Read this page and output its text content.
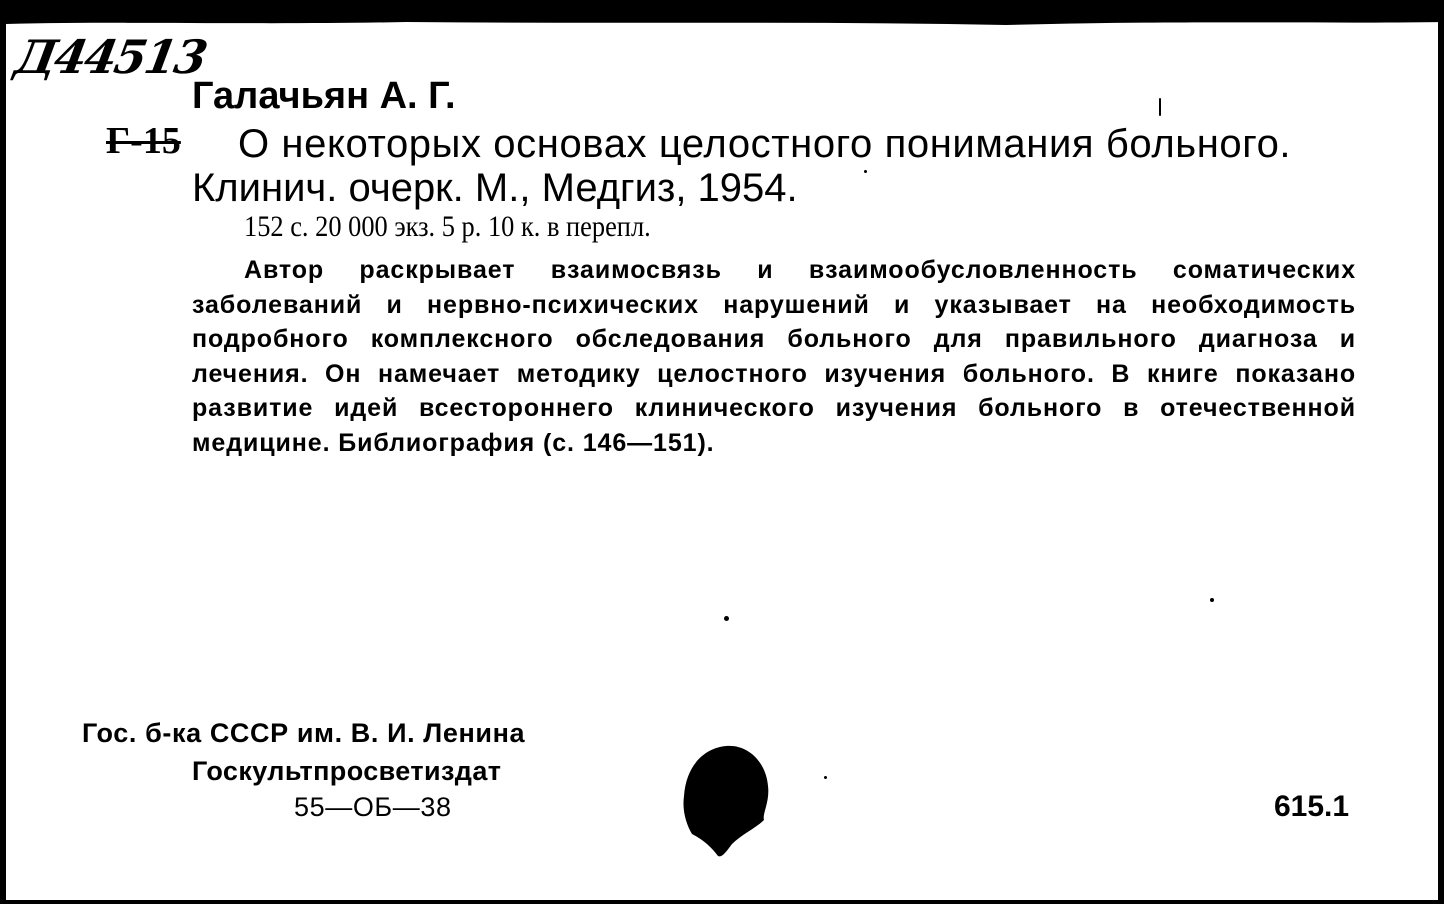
Д44513
Галачьян А. Г.
Г-15 О некоторых основах целостного понимания больного.
Клинич. очерк. М., Медгиз, 1954.
152 с. 20 000 экз. 5 р. 10 к. в перепл.

Автор раскрывает взаимосвязь и взаимообусловленность соматических заболеваний и нервно-психических нарушений и указывает на необходимость подробного комплексного обследования больного для правильного диагноза и лечения. Он намечает методику целостного изучения больного. В книге показано развитие идей всестороннего клинического изучения больного в отечественной медицине. Библиография (с. 146—151).

Гос. б-ка СССР им. В. И. Ленина
Госкультпросветиздат
55—ОБ—38	615.1
